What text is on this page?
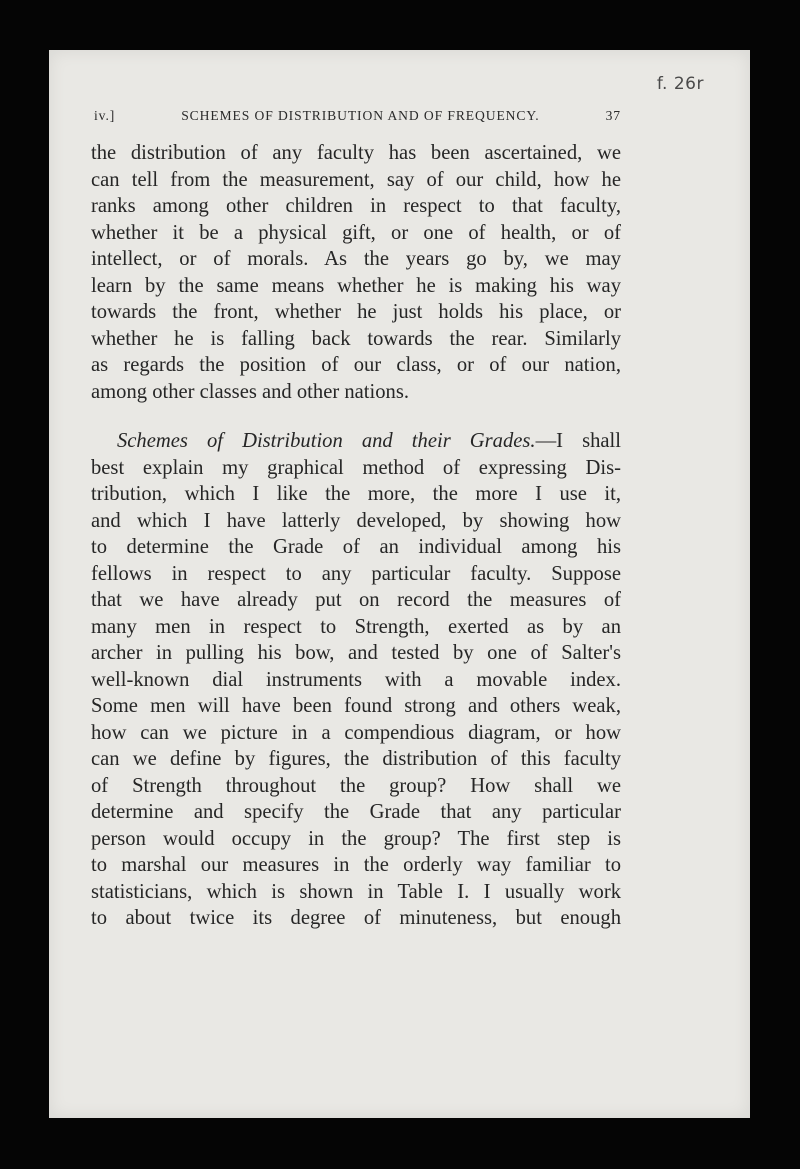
f. 26r
iv.]	SCHEMES OF DISTRIBUTION AND OF FREQUENCY.	37
the distribution of any faculty has been ascertained, we
can tell from the measurement, say of our child, how he
ranks among other children in respect to that faculty,
whether it be a physical gift, or one of health, or of
intellect, or of morals. As the years go by, we may
learn by the same means whether he is making his way
towards the front, whether he just holds his place, or
whether he is falling back towards the rear. Similarly
as regards the position of our class, or of our nation,
among other classes and other nations.
Schemes of Distribution and their Grades.—I shall
best explain my graphical method of expressing Dis-
tribution, which I like the more, the more I use it,
and which I have latterly developed, by showing how
to determine the Grade of an individual among his
fellows in respect to any particular faculty. Suppose
that we have already put on record the measures of
many men in respect to Strength, exerted as by an
archer in pulling his bow, and tested by one of Salter's
well-known dial instruments with a movable index.
Some men will have been found strong and others weak,
how can we picture in a compendious diagram, or how
can we define by figures, the distribution of this faculty
of Strength throughout the group? How shall we
determine and specify the Grade that any particular
person would occupy in the group? The first step is
to marshal our measures in the orderly way familiar to
statisticians, which is shown in Table I. I usually work
to about twice its degree of minuteness, but enough
